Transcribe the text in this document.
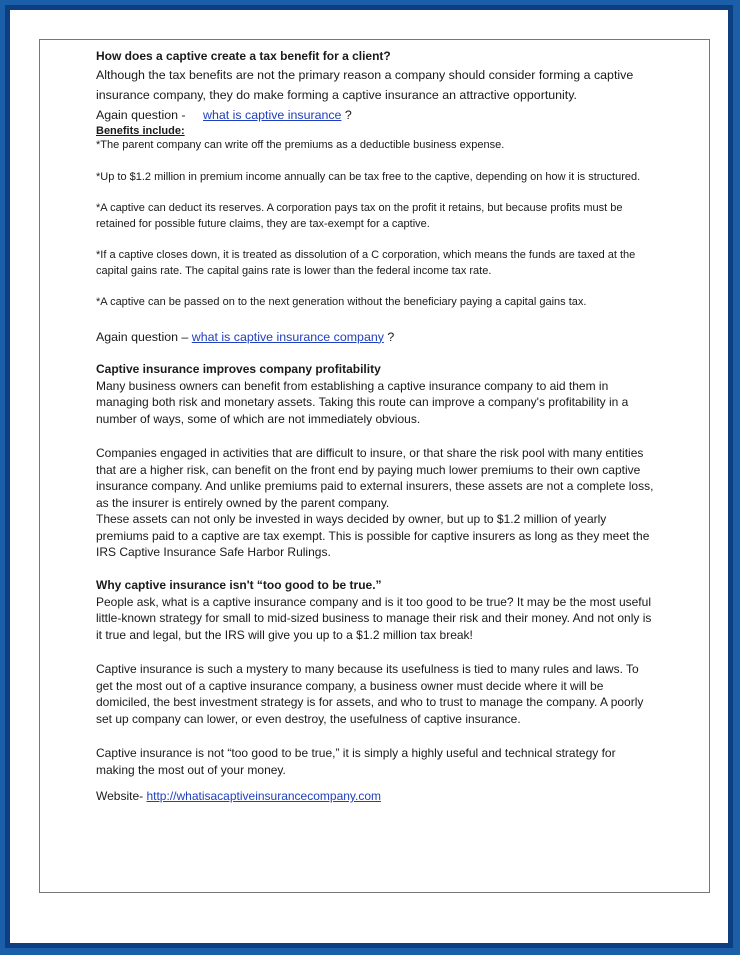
How does a captive create a tax benefit for a client?

Although the tax benefits are not the primary reason a company should consider forming a captive insurance company, they do make forming a captive insurance an attractive opportunity.

Again question - what is captive insurance ?

Benefits include:

*The parent company can write off the premiums as a deductible business expense.

*Up to $1.2 million in premium income annually can be tax free to the captive, depending on how it is structured.

*A captive can deduct its reserves. A corporation pays tax on the profit it retains, but because profits must be retained for possible future claims, they are tax-exempt for a captive.

*If a captive closes down, it is treated as dissolution of a C corporation, which means the funds are taxed at the capital gains rate. The capital gains rate is lower than the federal income tax rate.

*A captive can be passed on to the next generation without the beneficiary paying a capital gains tax.

Again question – what is captive insurance company ?

Captive insurance improves company profitability

Many business owners can benefit from establishing a captive insurance company to aid them in managing both risk and monetary assets. Taking this route can improve a company's profitability in a number of ways, some of which are not immediately obvious.

Companies engaged in activities that are difficult to insure, or that share the risk pool with many entities that are a higher risk, can benefit on the front end by paying much lower premiums to their own captive insurance company. And unlike premiums paid to external insurers, these assets are not a complete loss, as the insurer is entirely owned by the parent company.

These assets can not only be invested in ways decided by owner, but up to $1.2 million of yearly premiums paid to a captive are tax exempt. This is possible for captive insurers as long as they meet the IRS Captive Insurance Safe Harbor Rulings.

Why captive insurance isn't “too good to be true.”

People ask, what is a captive insurance company and is it too good to be true? It may be the most useful little-known strategy for small to mid-sized business to manage their risk and their money. And not only is it true and legal, but the IRS will give you up to a $1.2 million tax break!

Captive insurance is such a mystery to many because its usefulness is tied to many rules and laws. To get the most out of a captive insurance company, a business owner must decide where it will be domiciled, the best investment strategy is for assets, and who to trust to manage the company. A poorly set up company can lower, or even destroy, the usefulness of captive insurance.

Captive insurance is not “too good to be true,” it is simply a highly useful and technical strategy for making the most out of your money.

Website- http://whatisacaptiveinsurancecompany.com
